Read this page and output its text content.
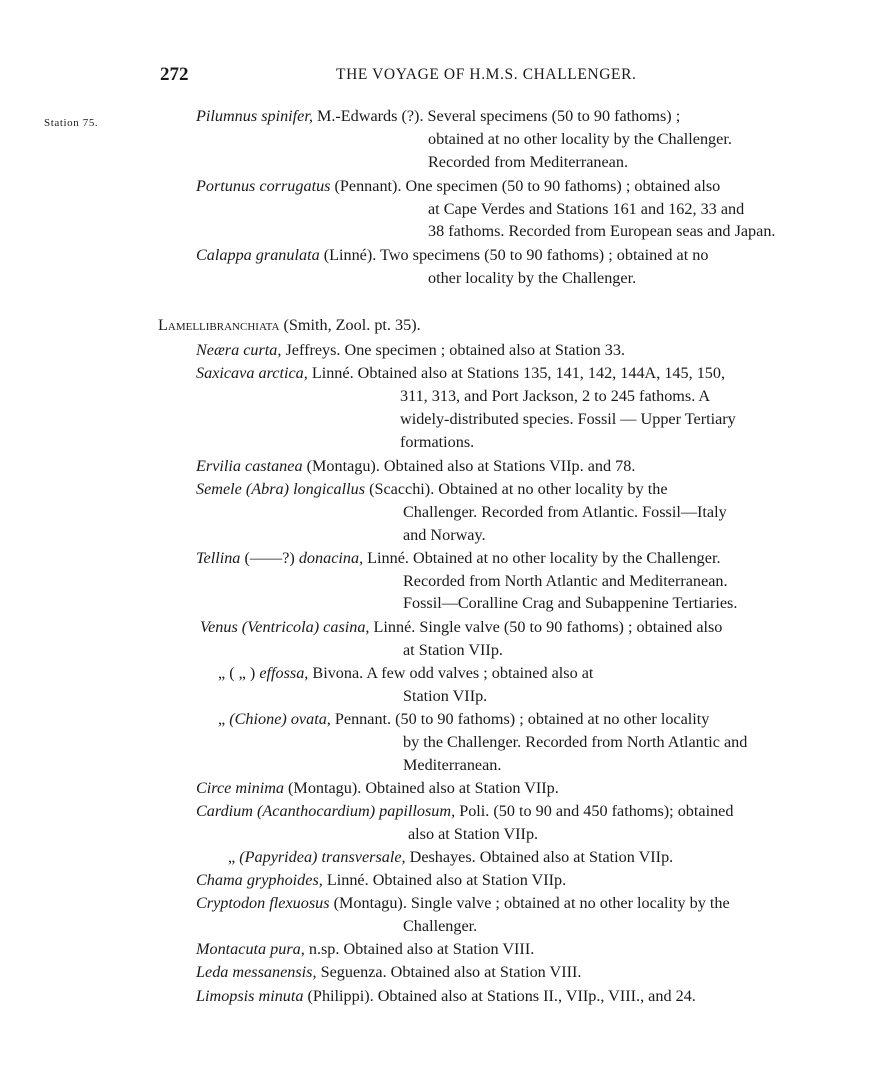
272	THE VOYAGE OF H.M.S. CHALLENGER.
Station 75.	Pilumnus spinifer, M.-Edwards (?). Several specimens (50 to 90 fathoms) ;
obtained at no other locality by the Challenger.
Recorded from Mediterranean.
Portunus corrugatus (Pennant). One specimen (50 to 90 fathoms) ; obtained also
at Cape Verdes and Stations 161 and 162, 33 and
38 fathoms. Recorded from European seas and Japan.
Calappa granulata (Linné). Two specimens (50 to 90 fathoms) ; obtained at no
other locality by the Challenger.
Lamellibranchiata (Smith, Zool. pt. 35).
Neæra curta, Jeffreys. One specimen ; obtained also at Station 33.
Saxicava arctica, Linné. Obtained also at Stations 135, 141, 142, 144A, 145, 150,
311, 313, and Port Jackson, 2 to 245 fathoms. A
widely-distributed species. Fossil — Upper Tertiary
formations.
Ervilia castanea (Montagu). Obtained also at Stations VIIp. and 78.
Semele (Abra) longicallus (Scacchi). Obtained at no other locality by the
Challenger. Recorded from Atlantic. Fossil—Italy
and Norway.
Tellina (——?) donacina, Linné. Obtained at no other locality by the Challenger.
Recorded from North Atlantic and Mediterranean.
Fossil—Coralline Crag and Subappenine Tertiaries.
Venus (Ventricola) casina, Linné. Single valve (50 to 90 fathoms) ; obtained also
at Station VIIp.
„ ( „ ) effossa, Bivona. A few odd valves ; obtained also at
Station VIIp.
„ (Chione) ovata, Pennant. (50 to 90 fathoms) ; obtained at no other locality
by the Challenger. Recorded from North Atlantic and
Mediterranean.
Circe minima (Montagu). Obtained also at Station VIIp.
Cardium (Acanthocardium) papillosum, Poli. (50 to 90 and 450 fathoms); obtained
also at Station VIIp.
„ (Papyridea) transversale, Deshayes. Obtained also at Station VIIp.
Chama gryphoides, Linné. Obtained also at Station VIIp.
Cryptodon flexuosus (Montagu). Single valve ; obtained at no other locality by the
Challenger.
Montacuta pura, n.sp. Obtained also at Station VIII.
Leda messanensis, Seguenza. Obtained also at Station VIII.
Limopsis minuta (Philippi). Obtained also at Stations II., VIIp., VIII., and 24.
